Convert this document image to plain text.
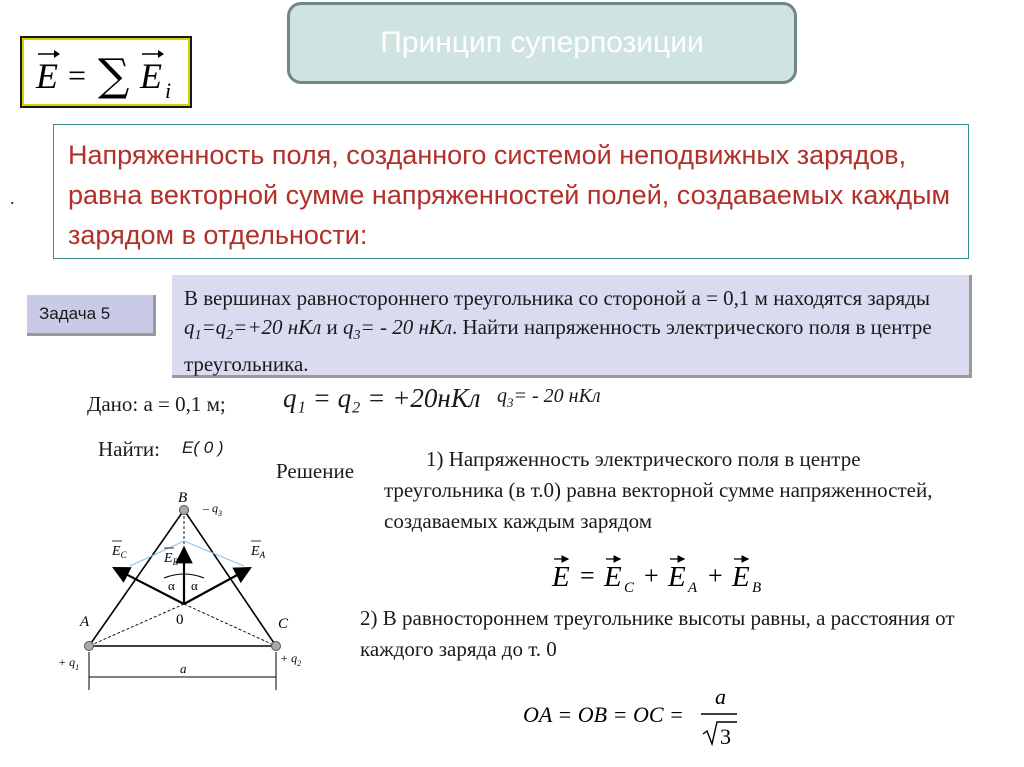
Принцип суперпозиции
E = ∑ E i
.
Напряженность поля, созданного системой неподвижных зарядов, равна векторной сумме напряженностей полей, создаваемых каждым зарядом в отдельности:
Задача 5
В вершинах равностороннего треугольника со стороной а = 0,1 м находятся заряды $q_1=q_2=+20$ нКл и $q_3= - 20$ нКл. Найти напряженность электрического поля в центре треугольника.
Дано: а = 0,1 м; q₁ = q₂ = +20нКл $q_3= - 20$ нКл
Найти: E( 0 )
Решение	1) Напряженность электрического поля в центре треугольника (в т.0) равна векторной сумме напряженностей, создаваемых каждым зарядом
E = E C + E A + E B
2) В равностороннем треугольнике высоты равны, а расстояния от каждого заряда до т. 0
OA = OB = OC =
a
3
B
A	C
0
– $q_3$
+ $q_1$
+ $q_2$
a
$E_C$	$E_B$
$E_A$
α α
